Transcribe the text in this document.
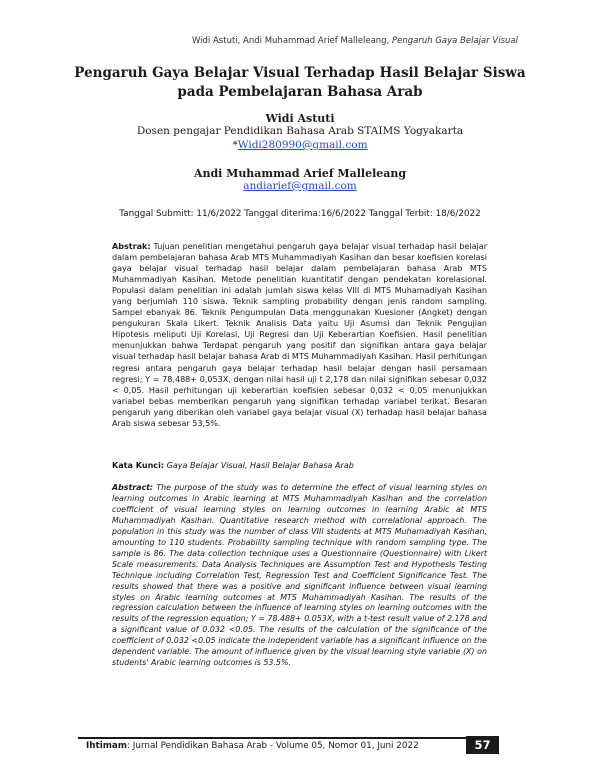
Widi Astuti, Andi Muhammad Arief Malleleang, Pengaruh Gaya Belajar Visual
Pengaruh Gaya Belajar Visual Terhadap Hasil Belajar Siswa pada Pembelajaran Bahasa Arab
Widi Astuti
Dosen pengajar Pendidikan Bahasa Arab STAIMS Yogyakarta
*Widi280990@gmail.com
Andi Muhammad Arief Malleleang
andiarief@gmail.com
Tanggal Submitt: 11/6/2022 Tanggal diterima:16/6/2022 Tanggal Terbit: 18/6/2022
Abstrak: Tujuan penelitian mengetahui pengaruh gaya belajar visual terhadap hasil belajar dalam pembelajaran bahasa Arab MTS Muhammadiyah Kasihan dan besar koefisien korelasi gaya belajar visual terhadap hasil belajar dalam pembelajaran bahasa Arab MTS Muhammadiyah Kasihan. Metode penelitian kuantitatif dengan pendekatan korelasional. Populasi dalam penelitian ini adalah jumlah siswa kelas VIII di MTS Muhamadiyah Kasihan yang berjumlah 110 siswa. Teknik sampling probability dengan jenis random sampling. Sampel ebanyak 86. Teknik Pengumpulan Data menggunakan Kuesioner (Angket) dengan pengukuran Skala Likert. Teknik Analisis Data yaitu Uji Asumsi dan Teknik Pengujian Hipotesis meliputi Uji Korelasi, Uji Regresi dan Uji Keberartian Koefisien. Hasil penelitian menunjukkan bahwa Terdapat pengaruh yang positif dan signifikan antara gaya belajar visual terhadap hasil belajar bahasa Arab di MTS Muhammadiyah Kasihan. Hasil perhitungan regresi antara pengaruh gaya belajar terhadap hasil belajar dengan hasil persamaan regresi; Y = 78,488+ 0,053X, dengan nilai hasil uji t 2,178 dan nilai signifikan sebesar 0,032 < 0,05. Hasil perhitungan uji keberartian koefisien sebesar 0,032 < 0,05 menunjukkan variabel bebas memberikan pengaruh yang signifikan terhadap variabel terikat. Besaran pengaruh yang diberikan oleh variabel gaya belajar visual (X) terhadap hasil belajar bahasa Arab siswa sebesar 53,5%.
Kata Kunci: Gaya Belajar Visual, Hasil Belajar Bahasa Arab
Abstract: The purpose of the study was to determine the effect of visual learning styles on learning outcomes in Arabic learning at MTS Muhammadiyah Kasihan and the correlation coefficient of visual learning styles on learning outcomes in learning Arabic at MTS Muhammadiyah Kasihan. Quantitative research method with correlational approach. The population in this study was the number of class VIII students at MTS Muhamadiyah Kasihan, amounting to 110 students. Probability sampling technique with random sampling type. The sample is 86. The data collection technique uses a Questionnaire (Questionnaire) with Likert Scale measurements. Data Analysis Techniques are Assumption Test and Hypothesis Testing Technique including Correlation Test, Regression Test and Coefficient Significance Test. The results showed that there was a positive and significant influence between visual learning styles on Arabic learning outcomes at MTS Muhammadiyah Kasihan. The results of the regression calculation between the influence of learning styles on learning outcomes with the results of the regression equation; Y = 78.488+ 0.053X, with a t-test result value of 2.178 and a significant value of 0.032 <0.05. The results of the calculation of the significance of the coefficient of 0.032 <0.05 indicate the independent variable has a significant influence on the dependent variable. The amount of influence given by the visual learning style variable (X) on students' Arabic learning outcomes is 53.5%.
Ihtimam: Jurnal Pendidikan Bahasa Arab - Volume 05, Nomor 01, Juni 2022	57
